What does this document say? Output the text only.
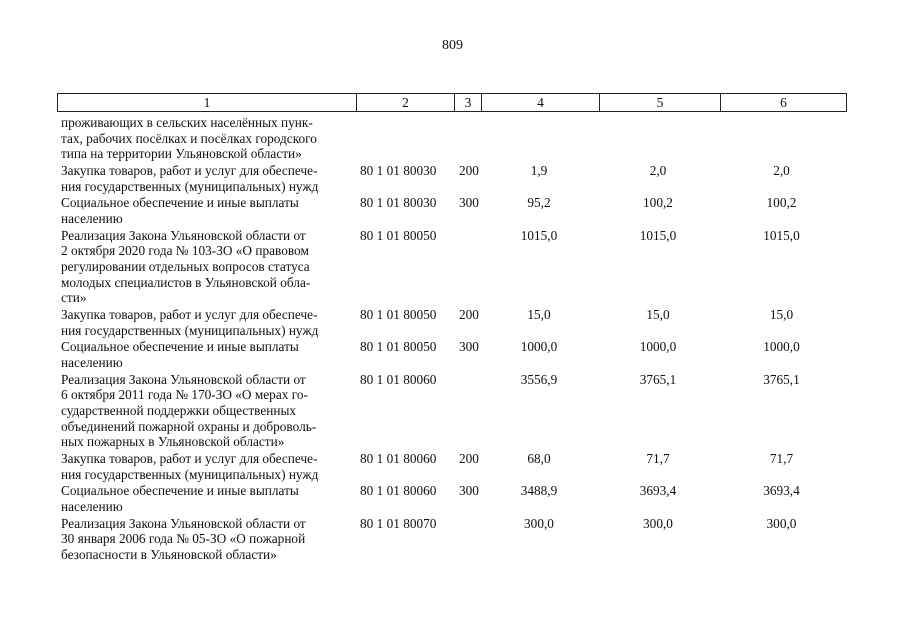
809
1	2	3	4	5	6
проживающих в сельских населённых пунк-
тах, рабочих посёлках и посёлках городского
типа на территории Ульяновской области»
Закупка товаров, работ и услуг для обеспече-
ния государственных (муниципальных) нужд
80 1 01 80030 200	1,9	2,0	2,0
Социальное обеспечение и иные выплаты
населению
80 1 01 80030 300	95,2	100,2	100,2
Реализация Закона Ульяновской области от
2 октября 2020 года № 103-ЗО «О правовом
регулировании отдельных вопросов статуса
молодых специалистов в Ульяновской обла-
сти»
80 1 01 80050	1015,0	1015,0	1015,0
Закупка товаров, работ и услуг для обеспече-
ния государственных (муниципальных) нужд
80 1 01 80050 200	15,0	15,0	15,0
Социальное обеспечение и иные выплаты
населению
80 1 01 80050 300	1000,0	1000,0	1000,0
Реализация Закона Ульяновской области от
6 октября 2011 года № 170-ЗО «О мерах го-
сударственной поддержки общественных
объединений пожарной охраны и доброволь-
ных пожарных в Ульяновской области»
80 1 01 80060	3556,9	3765,1	3765,1
Закупка товаров, работ и услуг для обеспече-
ния государственных (муниципальных) нужд
80 1 01 80060 200	68,0	71,7	71,7
Социальное обеспечение и иные выплаты
населению
80 1 01 80060 300	3488,9	3693,4	3693,4
Реализация Закона Ульяновской области от
30 января 2006 года № 05-ЗО «О пожарной
безопасности в Ульяновской области»
80 1 01 80070	300,0	300,0	300,0
